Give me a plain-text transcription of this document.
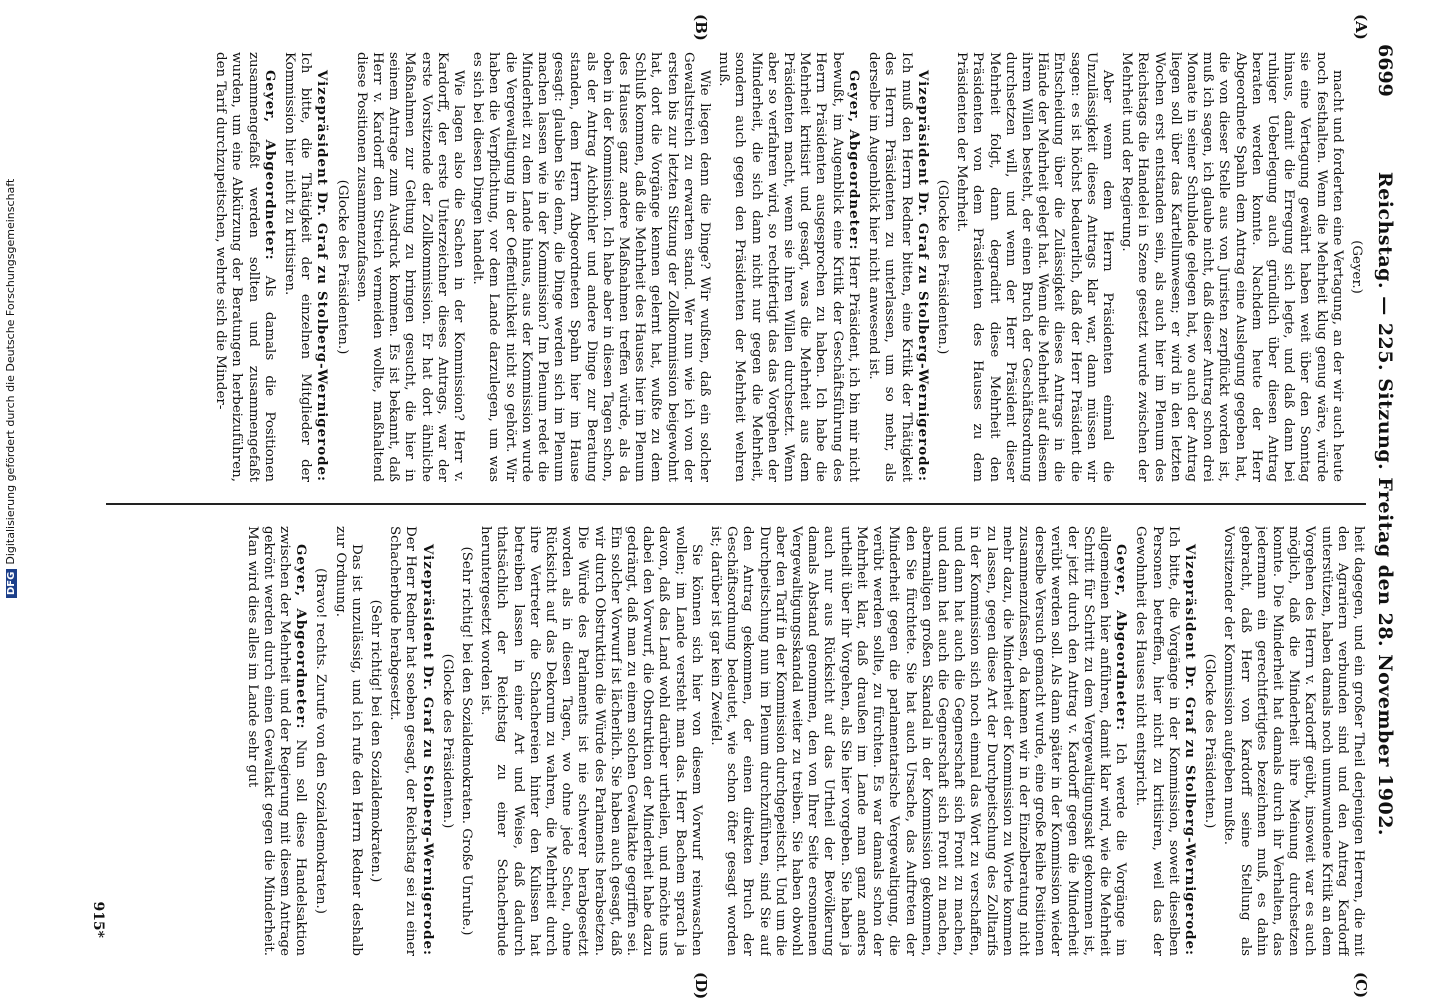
6699
Reichstag. — 225. Sitzung. Freitag den 28. November 1902.
(A)
(B)
(C)
(D)

(Geyer.)

macht und forderten eine Vertagung, an der wir auch heute noch festhalten. Wenn die Mehrheit klug genug wäre, würde sie eine Vertagung gewährt haben weit über den Sonntag hinaus, damit die Erregung sich legte, und daß dann bei ruhiger Ueberlegung auch gründlich über diesen Antrag beraten werden konnte. Nachdem heute der Herr Abgeordnete Spahn dem Antrag eine Auslegung gegeben hat, die von dieser Stelle aus von Juristen zerpflückt worden ist, muß ich sagen, ich glaube nicht, daß dieser Antrag schon drei Monate in seiner Schublade gelegen hat, wo auch der Antrag liegen soll über das Kartellunwesen; er wird in den letzten Wochen erst entstanden sein, als auch hier im Plenum des Reichstags die Handelei in Szene gesetzt wurde zwischen der Mehrheit und der Regierung.

Aber wenn dem Herrn Präsidenten einmal die Unzulässigkeit dieses Antrags klar war, dann müssen wir sagen: es ist höchst bedauerlich, daß der Herr Präsident die Entscheidung über die Zulässigkeit dieses Antrags in die Hände der Mehrheit gelegt hat. Wenn die Mehrheit auf diesem ihrem Willen besteht, der einen Bruch der Geschäftsordnung durchsetzen will, und wenn der Herr Präsident dieser Mehrheit folgt, dann degradirt diese Mehrheit den Präsidenten von dem Präsidenten des Hauses zu dem Präsidenten der Mehrheit.

(Glocke des Präsidenten.)

Vizepräsident Dr. Graf zu Stolberg-Wernigerode: Ich muß den Herrn Redner bitten, eine Kritik der Thätigkeit des Herrn Präsidenten zu unterlassen, um so mehr, als derselbe im Augenblick hier nicht anwesend ist.

Geyer, Abgeordneter: Herr Präsident, ich bin mir nicht bewußt, im Augenblick eine Kritik der Geschäftsführung des Herrn Präsidenten ausgesprochen zu haben. Ich habe die Mehrheit kritisirt und gesagt, was die Mehrheit aus dem Präsidenten macht, wenn sie ihren Willen durchsetzt. Wenn aber so verfahren wird, so rechtfertigt das das Vorgehen der Minderheit, die sich dann nicht nur gegen die Mehrheit, sondern auch gegen den Präsidenten der Mehrheit wehren muß.

Wie liegen denn die Dinge? Wir wußten, daß ein solcher Gewaltstreich zu erwarten stand. Wer nun wie ich von der ersten bis zur letzten Sitzung der Zollkommission beigewohnt hat, dort die Vorgänge kennen gelernt hat, wußte zu dem Schluß kommen, daß die Mehrheit des Hauses hier im Plenum des Hauses ganz andere Maßnahmen treffen würde, als da oben in der Kommission. Ich habe aber in diesen Tagen schon, als der Antrag Aichbichler und andere Dinge zur Beratung standen, dem Herrn Abgeordneten Spahn hier im Hause gesagt: glauben Sie denn, die Dinge werden sich im Plenum machen lassen wie in der Kommission? Im Plenum redet die Minderheit zu dem Lande hinaus, aus der Kommission wurde die Vergewaltigung in der Oeffentlichkeit nicht so gehört. Wir haben die Verpflichtung, vor dem Lande darzulegen, um was es sich bei diesen Dingen handelt.

Wie lagen also die Sachen in der Kommission? Herr v. Kardorff, der erste Unterzeichner dieses Antrags, war der erste Vorsitzende der Zollkommission. Er hat dort ähnliche Maßnahmen zur Geltung zu bringen gesucht, die hier in seinem Antrage zum Ausdruck kommen. Es ist bekannt, daß Herr v. Kardorff den Streich vermeiden wollte, maßhaltend diese Positionen zusammenzufassen.

(Glocke des Präsidenten.)

Vizepräsident Dr. Graf zu Stolberg-Wernigerode: Ich bitte, die Thätigkeit der einzelnen Mitglieder der Kommission hier nicht zu kritisiren.

Geyer, Abgeordneter: Als damals die Positionen zusammengefaßt werden sollten und zusammengefaßt wurden, um eine Abkürzung der Beratungen herbeizuführen, den Tarif durchzupeitschen, wehrte sich die Minder-

heit dagegen, und ein großer Theil derjenigen Herren, die mit den Agrariern verbunden sind und den Antrag Kardorff unterstützen, haben damals noch unumwundene Kritik an dem Vorgehen des Herrn v. Kardorff geübt, insoweit war es auch möglich, daß die Minderheit ihre Meinung durchsetzen konnte. Die Minderheit hat damals durch ihr Verhalten, das jedermann ein gerechtfertigtes bezeichnen muß, es dahin gebracht, daß Herr von Kardorff seine Stellung als Vorsitzender der Kommission aufgeben mußte.

(Glocke des Präsidenten.)

Vizepräsident Dr. Graf zu Stolberg-Wernigerode: Ich bitte, die Vorgänge in der Kommission, soweit dieselben Personen betreffen, hier nicht zu kritisiren, weil das der Gewohnheit des Hauses nicht entspricht.

Geyer, Abgeordneter: Ich werde die Vorgänge im allgemeinen hier anführen, damit klar wird, wie die Mehrheit Schritt für Schritt zu dem Vergewaltigungsakt gekommen ist, der jetzt durch den Antrag v. Kardorff gegen die Minderheit verübt werden soll. Als dann später in der Kommission wieder derselbe Versuch gemacht wurde, eine große Reihe Positionen zusammenzufassen, da kamen wir in der Einzelberatung nicht mehr dazu, die Minderheit der Kommission zu Worte kommen zu lassen, gegen diese Art der Durchpeitschung des Zolltarifs in der Kommission sich noch einmal das Wort zu verschaffen, und dann hat auch die Gegnerschaft sich Front zu machen, und dann hat auch die Gegnerschaft sich Front zu machen, abermaligen großen Skandal in der Kommission gekommen, den Sie fürchtete. Sie hat auch Ursache, das Auftreten der Minderheit gegen die parlamentarische Vergewaltigung, die verübt werden sollte, zu fürchten. Es war damals schon der Mehrheit klar, daß draußen im Lande man ganz anders urtheilt über ihr Vorgehen, als Sie hier vorgeben. Sie haben ja auch nur aus Rücksicht auf das Urtheil der Bevölkerung damals Abstand genommen, den von Ihrer Seite ersonnenen Vergewaltigungsskandal weiter zu treiben. Sie haben obwohl aber den Tarif in der Kommission durchgepeitscht. Und um die Durchpeitschung nun im Plenum durchzuführen, sind Sie auf den Antrag gekommen, der einen direkten Bruch der Geschäftsordnung bedeutet, wie schon öfter gesagt worden ist; darüber ist gar kein Zweifel.

Sie können sich hier von diesem Vorwurf reinwaschen wollen; im Lande versteht man das. Herr Bachem sprach ja davon, daß das Land wohl darüber urtheilen, und möchte uns dabei den Vorwurf, die Obstruktion der Minderheit habe dazu gedrängt, daß man zu einem solchen Gewaltakte gegriffen sei. Ein solcher Vorwurf ist lächerlich. Sie haben auch gesagt, daß wir durch Obstruktion die Würde des Parlaments herabsetzen. Die Würde des Parlaments ist nie schwerer herabgesetzt worden als in diesen Tagen, wo ohne jede Scheu, ohne Rücksicht auf das Dekorum zu wahren, die Mehrheit durch ihre Vertreter die Schachereien hinter den Kulissen hat betreiben lassen in einer Art und Weise, daß dadurch thatsächlich der Reichstag zu einer Schacherbude heruntergesetzt worden ist.

(Sehr richtig! bei den Sozialdemokraten. Große Unruhe.)

(Glocke des Präsidenten.)

Vizepräsident Dr. Graf zu Stolberg-Wernigerode: Der Herr Redner hat soeben gesagt, der Reichstag sei zu einer Schacherbude herabgesetzt.

(Sehr richtig! bei den Sozialdemokraten.)

Das ist unzulässig, und ich rufe den Herrn Redner deshalb zur Ordnung.

(Bravo! rechts. Zurufe von den Sozialdemokraten.)

Geyer, Abgeordneter: Nun soll diese Handelsaktion zwischen der Mehrheit und der Regierung mit diesem Antrage gekrönt werden durch einen Gewaltakt gegen die Minderheit. Man wird dies alles im Lande sehr gut

915*
DFGDigitalisierung gefördert durch die Deutsche Forschungsgemeinschaft
